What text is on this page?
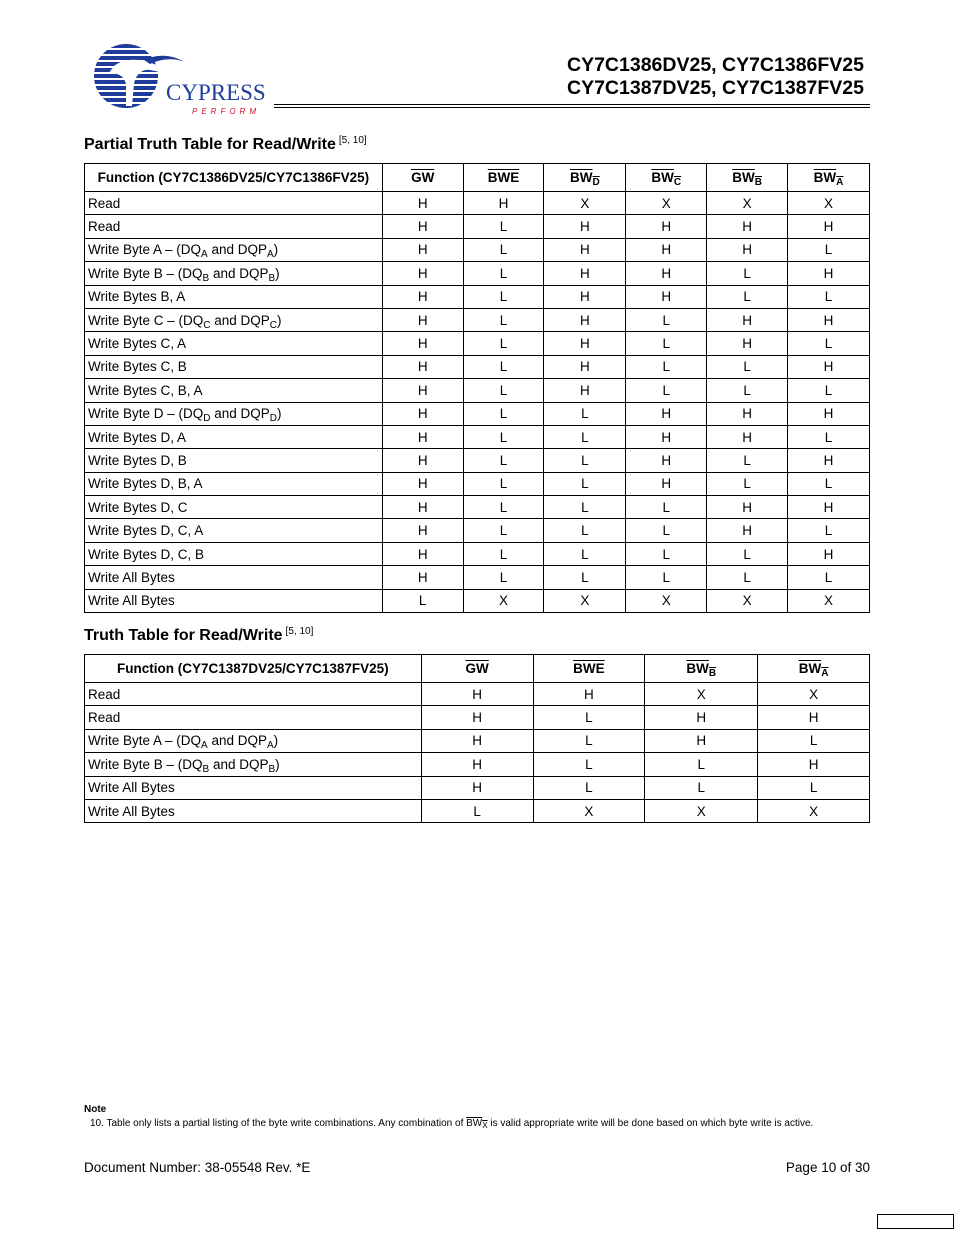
CYPRESS
PERFORM
CY7C1386DV25, CY7C1386FV25
CY7C1387DV25, CY7C1387FV25
Partial Truth Table for Read/Write [5, 10]
Function (CY7C1386DV25/CY7C1386FV25)	$\overline{GW}$	$\overline{BWE}$	$BW_D$	$BW_C$	$BW_B$	$BW_A$
Read	H	H	X	X	X	X
Read	H	L	H	H	H	H
Write Byte A – ($DQ_A$ and $DQP_A$)	H	L	H	H	H	L
Write Byte B – ($DQ_B$ and $DQP_B$)	H	L	H	H	L	H
Write Bytes B, A	H	L	H	H	L	L
Write Byte C – ($DQ_C$ and $DQP_C$)	H	L	H	L	H	H
Write Bytes C, A	H	L	H	L	H	L
Write Bytes C, B	H	L	H	L	L	H
Write Bytes C, B, A	H	L	H	L	L	L
Write Byte D – ($DQ_D$ and $DQP_D$)	H	L	L	H	H	H
Write Bytes D, A	H	L	L	H	H	L
Write Bytes D, B	H	L	L	H	L	H
Write Bytes D, B, A	H	L	L	H	L	L
Write Bytes D, C	H	L	L	L	H	H
Write Bytes D, C, A	H	L	L	L	H	L
Write Bytes D, C, B	H	L	L	L	L	H
Write All Bytes	H	L	L	L	L	L
Write All Bytes	L	X	X	X	X	X
Truth Table for Read/Write [5, 10]
Function (CY7C1387DV25/CY7C1387FV25)	$\overline{GW}$	$\overline{BWE}$	$BW_B$	$BW_A$
Read	H	H	X	X
Read	H	L	H	H
Write Byte A – ($DQ_A$ and $DQP_A$)	H	L	H	L
Write Byte B – ($DQ_B$ and $DQP_B$)	H	L	L	H
Write All Bytes	H	L	L	L
Write All Bytes	L	X	X	X
Note
10. Table only lists a partial listing of the byte write combinations. Any combination of $BW_X$ is valid appropriate write will be done based on which byte write is active.
Document Number: 38-05548 Rev. *E	Page 10 of 30
